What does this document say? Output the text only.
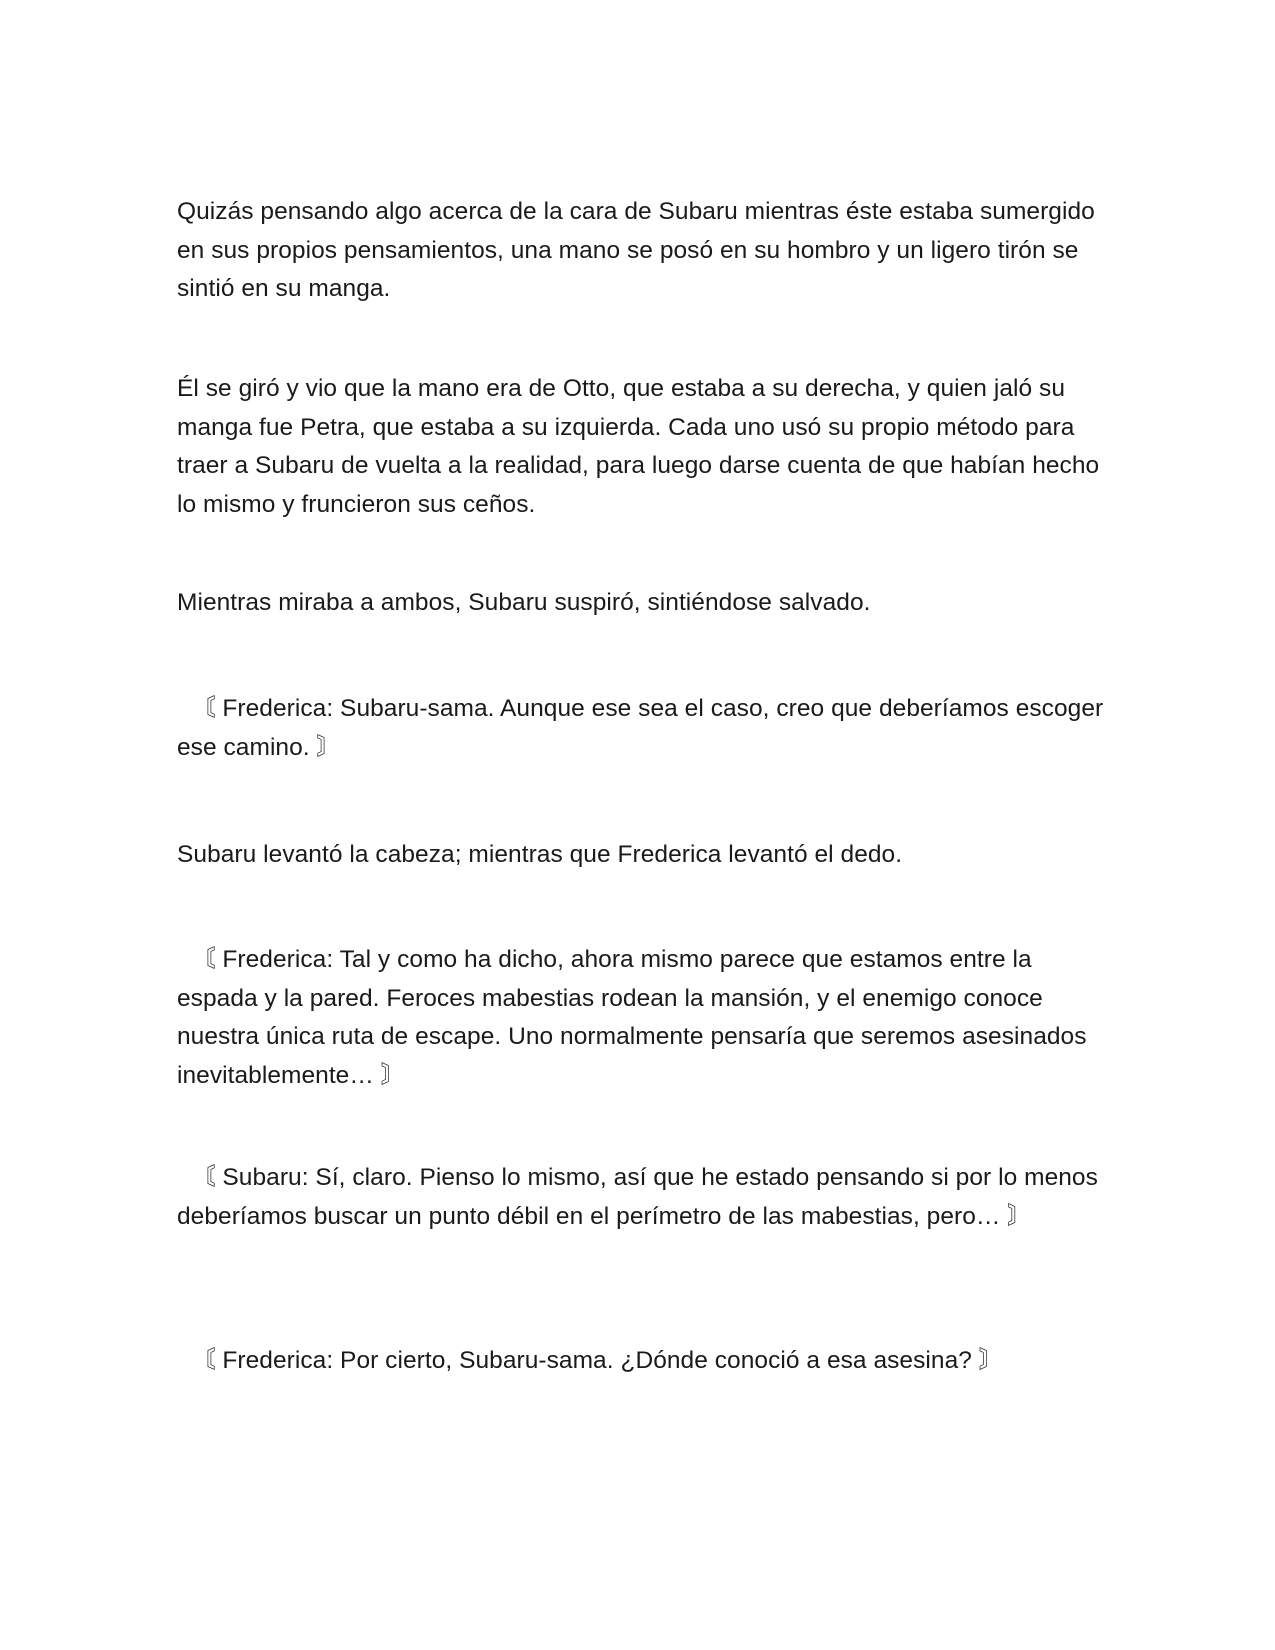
Quizás pensando algo acerca de la cara de Subaru mientras éste estaba sumergido en sus propios pensamientos, una mano se posó en su hombro y un ligero tirón se sintió en su manga.

Él se giró y vio que la mano era de Otto, que estaba a su derecha, y quien jaló su manga fue Petra, que estaba a su izquierda. Cada uno usó su propio método para traer a Subaru de vuelta a la realidad, para luego darse cuenta de que habían hecho lo mismo y fruncieron sus ceños.

Mientras miraba a ambos, Subaru suspiró, sintiéndose salvado.

〘 Frederica: Subaru-sama. Aunque ese sea el caso, creo que deberíamos escoger ese camino. 〙

Subaru levantó la cabeza; mientras que Frederica levantó el dedo.

〘 Frederica: Tal y como ha dicho, ahora mismo parece que estamos entre la espada y la pared. Feroces mabestias rodean la mansión, y el enemigo conoce nuestra única ruta de escape. Uno normalmente pensaría que seremos asesinados inevitablemente… 〙

〘 Subaru: Sí, claro. Pienso lo mismo, así que he estado pensando si por lo menos deberíamos buscar un punto débil en el perímetro de las mabestias, pero… 〙

〘 Frederica: Por cierto, Subaru-sama. ¿Dónde conoció a esa asesina? 〙
